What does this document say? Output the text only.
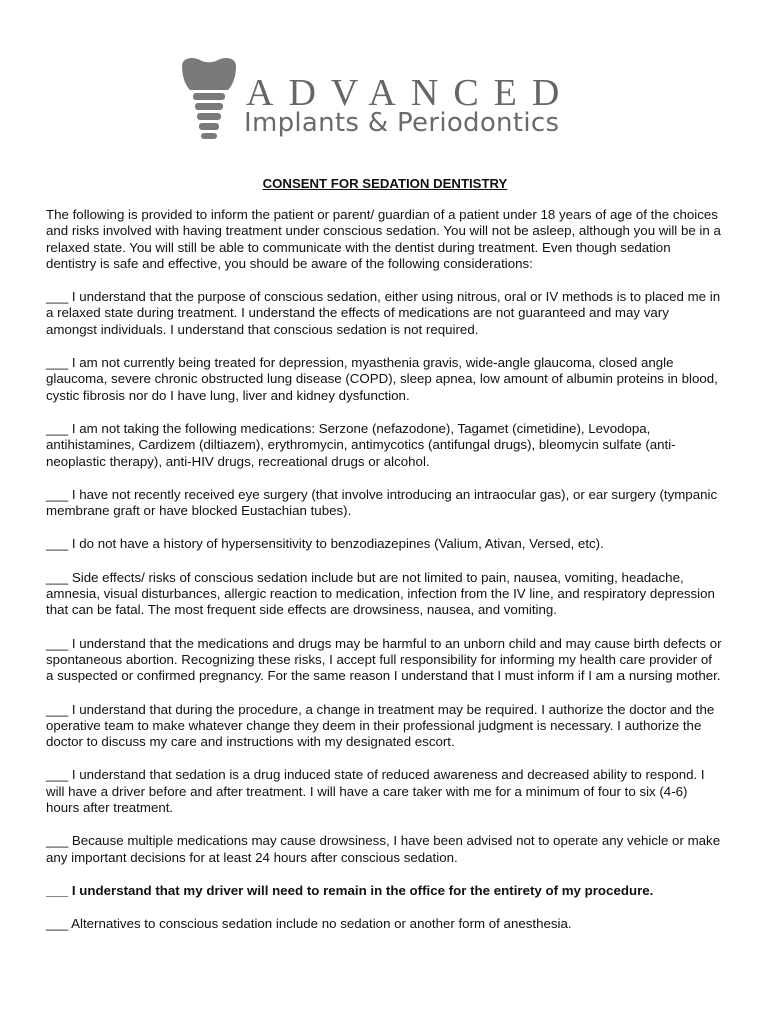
ADVANCED
Implants & Periodontics
CONSENT FOR SEDATION DENTISTRY

The following is provided to inform the patient or parent/ guardian of a patient under 18 years of age of the choices and risks involved with having treatment under conscious sedation. You will not be asleep, although you will be in a relaxed state. You will still be able to communicate with the dentist during treatment. Even though sedation dentistry is safe and effective, you should be aware of the following considerations:

___ I understand that the purpose of conscious sedation, either using nitrous, oral or IV methods is to placed me in a relaxed state during treatment. I understand the effects of medications are not guaranteed and may vary amongst individuals. I understand that conscious sedation is not required.

___ I am not currently being treated for depression, myasthenia gravis, wide-angle glaucoma, closed angle glaucoma, severe chronic obstructed lung disease (COPD), sleep apnea, low amount of albumin proteins in blood, cystic fibrosis nor do I have lung, liver and kidney dysfunction.

___ I am not taking the following medications: Serzone (nefazodone), Tagamet (cimetidine), Levodopa, antihistamines, Cardizem (diltiazem), erythromycin, antimycotics (antifungal drugs), bleomycin sulfate (anti-neoplastic therapy), anti-HIV drugs, recreational drugs or alcohol.

___ I have not recently received eye surgery (that involve introducing an intraocular gas), or ear surgery (tympanic membrane graft or have blocked Eustachian tubes).

___ I do not have a history of hypersensitivity to benzodiazepines (Valium, Ativan, Versed, etc).

___ Side effects/ risks of conscious sedation include but are not limited to pain, nausea, vomiting, headache, amnesia, visual disturbances, allergic reaction to medication, infection from the IV line, and respiratory depression that can be fatal. The most frequent side effects are drowsiness, nausea, and vomiting.

___ I understand that the medications and drugs may be harmful to an unborn child and may cause birth defects or spontaneous abortion. Recognizing these risks, I accept full responsibility for informing my health care provider of a suspected or confirmed pregnancy. For the same reason I understand that I must inform if I am a nursing mother.

___ I understand that during the procedure, a change in treatment may be required. I authorize the doctor and the operative team to make whatever change they deem in their professional judgment is necessary. I authorize the doctor to discuss my care and instructions with my designated escort.

___ I understand that sedation is a drug induced state of reduced awareness and decreased ability to respond. I will have a driver before and after treatment. I will have a care taker with me for a minimum of four to six (4-6) hours after treatment.

___ Because multiple medications may cause drowsiness, I have been advised not to operate any vehicle or make any important decisions for at least 24 hours after conscious sedation.

___ I understand that my driver will need to remain in the office for the entirety of my procedure.

___ Alternatives to conscious sedation include no sedation or another form of anesthesia.
